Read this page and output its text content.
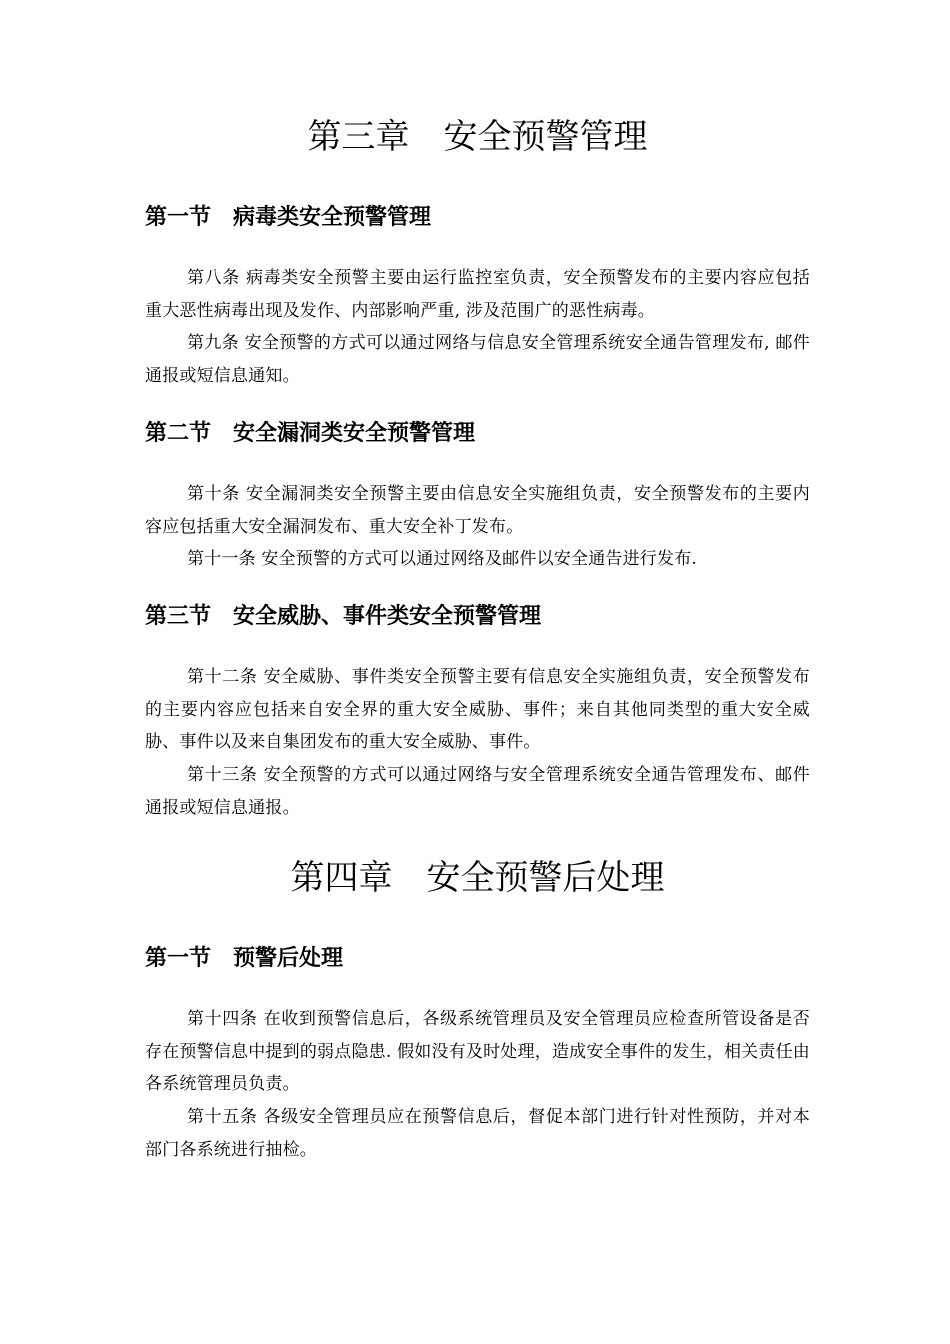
第三章　安全预警管理
第一节　病毒类安全预警管理

第八条 病毒类安全预警主要由运行监控室负责，安全预警发布的主要内容应包括重大恶性病毒出现及发作、内部影响严重, 涉及范围广的恶性病毒。

第九条 安全预警的方式可以通过网络与信息安全管理系统安全通告管理发布, 邮件通报或短信息通知。

第二节　安全漏洞类安全预警管理

第十条 安全漏洞类安全预警主要由信息安全实施组负责，安全预警发布的主要内容应包括重大安全漏洞发布、重大安全补丁发布。

第十一条 安全预警的方式可以通过网络及邮件以安全通告进行发布.

第三节　安全威胁、事件类安全预警管理

第十二条 安全威胁、事件类安全预警主要有信息安全实施组负责，安全预警发布的主要内容应包括来自安全界的重大安全威胁、事件；来自其他同类型的重大安全威胁、事件以及来自集团发布的重大安全威胁、事件。

第十三条 安全预警的方式可以通过网络与安全管理系统安全通告管理发布、邮件通报或短信息通报。

第四章　安全预警后处理
第一节　预警后处理

第十四条 在收到预警信息后，各级系统管理员及安全管理员应检查所管设备是否存在预警信息中提到的弱点隐患. 假如没有及时处理，造成安全事件的发生，相关责任由各系统管理员负责。

第十五条 各级安全管理员应在预警信息后，督促本部门进行针对性预防，并对本部门各系统进行抽检。
